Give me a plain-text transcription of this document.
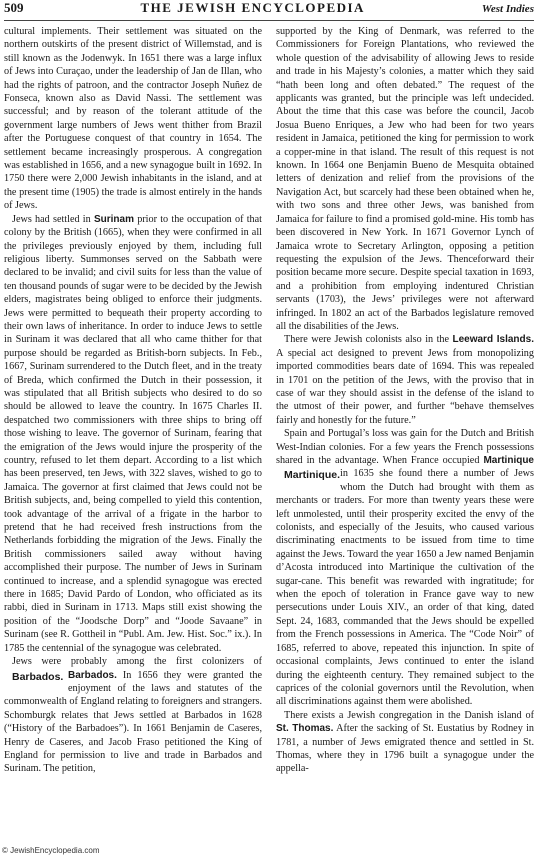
509	THE JEWISH ENCYCLOPEDIA	West Indies

cultural implements. Their settlement was situated on the northern outskirts of the present district of Willemstad, and is still known as the Jodenwyk. In 1651 there was a large influx of Jews into Curaçao, under the leadership of Jan de Illan, who had the rights of patroon, and the contractor Joseph Nuñez de Fonseca, known also as David Nassi. The settlement was successful; and by reason of the tolerant attitude of the government large numbers of Jews went thither from Brazil after the Portuguese conquest of that country in 1654. The settlement became increasingly prosperous. A congregation was established in 1656, and a new synagogue built in 1692. In 1750 there were 2,000 Jewish inhabitants in the island, and at the present time (1905) the trade is almost entirely in the hands of Jews.

Jews had settled in Surinam prior to the occupation of that colony by the British (1665), when they were confirmed in all the privileges previously enjoyed by them, including full religious liberty. Summonses served on the Sabbath were declared to be invalid; and civil suits for less than the value of ten thousand pounds of sugar were to be decided by the Jewish elders, magistrates being obliged to enforce their judgments. Jews were permitted to bequeath their property according to their own laws of inheritance. In order to induce Jews to settle in Surinam it was declared that all who came thither for that purpose should be regarded as British-born subjects. In Feb., 1667, Surinam surrendered to the Dutch fleet, and in the treaty of Breda, which confirmed the Dutch in their possession, it was stipulated that all British subjects who desired to do so should be allowed to leave the country. In 1675 Charles II. despatched two commissioners with three ships to bring off those wishing to leave. The governor of Surinam, fearing that the emigration of the Jews would injure the prosperity of the country, refused to let them depart. According to a list which has been preserved, ten Jews, with 322 slaves, wished to go to Jamaica. The governor at first claimed that Jews could not be British subjects, and, being compelled to yield this contention, took advantage of the arrival of a frigate in the harbor to pretend that he had received fresh instructions from the Netherlands forbidding the migration of the Jews. Finally the British commissioners sailed away without having accomplished their purpose. The number of Jews in Surinam continued to increase, and a splendid synagogue was erected there in 1685; David Pardo of London, who officiated as its rabbi, died in Surinam in 1713. Maps still exist showing the position of the “Joodsche Dorp” and “Joode Savaane” in Surinam (see R. Gottheil in “Publ. Am. Jew. Hist. Soc.” ix.). In 1785 the centennial of the synagogue was celebrated.

Jews were probably among the first colonizers of Barbados.
Barbados.	In 1656 they were granted the enjoyment of the laws and statutes of the commonwealth of England relating to foreigners and strangers. Schomburgk relates that Jews settled at Barbados in 1628 (“History of the Barbadoes”). In 1661 Benjamin de Caseres, Henry de Caseres, and Jacob Fraso petitioned the King of England for permission to live and trade in Barbados and Surinam. The petition,

supported by the King of Denmark, was referred to the Commissioners for Foreign Plantations, who reviewed the whole question of the advisability of allowing Jews to reside and trade in his Majesty’s colonies, a matter which they said “hath been long and often debated.” The request of the applicants was granted, but the principle was left undecided. About the time that this case was before the council, Jacob Josua Bueno Enriques, a Jew who had been for two years resident in Jamaica, petitioned the king for permission to work a copper-mine in that island. The result of this request is not known. In 1664 one Benjamin Bueno de Mesquita obtained letters of denization and relief from the provisions of the Navigation Act, but scarcely had these been obtained when he, with two sons and three other Jews, was banished from Jamaica for failure to find a promised gold-mine. His tomb has been discovered in New York. In 1671 Governor Lynch of Jamaica wrote to Secretary Arlington, opposing a petition requesting the expulsion of the Jews. Thenceforward their position became more secure. Despite special taxation in 1693, and a prohibition from employing indentured Christian servants (1703), the Jews’ privileges were not afterward infringed. In 1802 an act of the Barbados legislature removed all the disabilities of the Jews.

There were Jewish colonists also in the Leeward Islands. A special act designed to prevent Jews from monopolizing imported commodities bears date of 1694. This was repealed in 1701 on the petition of the Jews, with the proviso that in case of war they should assist in the defense of the island to the utmost of their power, and further “behave themselves fairly and honestly for the future.”

Spain and Portugal’s loss was gain for the Dutch and British West-Indian colonies. For a few years the French possessions shared in the advantage. When France occupied Martinique
Martinique. in 1635 she found there a number of Jews whom the Dutch had brought with them as merchants or traders. For more than twenty years these were left unmolested, until their prosperity excited the envy of the colonists, and especially of the Jesuits, who caused various discriminating enactments to be issued from time to time against the Jews. Toward the year 1650 a Jew named Benjamin d’Acosta introduced into Martinique the cultivation of the sugar-cane. This benefit was rewarded with ingratitude; for when the epoch of toleration in France gave way to new persecutions under Louis XIV., an order of that king, dated Sept. 24, 1683, commanded that the Jews should be expelled from the French possessions in America. The “Code Noir” of 1685, referred to above, repeated this injunction. In spite of occasional complaints, Jews continued to enter the island during the eighteenth century. They remained subject to the caprices of the colonial governors until the Revolution, when all discriminations against them were abolished.

There exists a Jewish congregation in the Danish island of St. Thomas. After the sacking of St. Eustatius by Rodney in 1781, a number of Jews emigrated thence and settled in St. Thomas, where they in 1796 built a synagogue under the appella-

© JewishEncyclopedia.com
